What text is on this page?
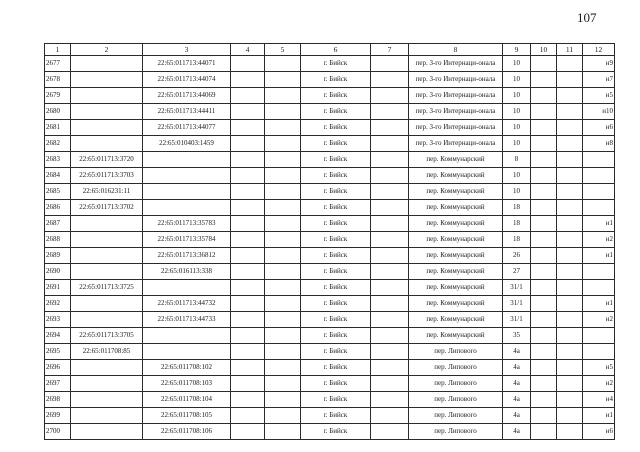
107
1	2	3	4	5	6	7	8	9	10	11	12
2677		22:65:011713:44071			г. Бийск		пер. 3-го Интернаци-онала	10			н9
2678		22:65:011713:44074			г. Бийск		пер. 3-го Интернаци-онала	10			н7
2679		22:65:011713:44069			г. Бийск		пер. 3-го Интернаци-онала	10			н5
2680		22:65:011713:44411			г. Бийск		пер. 3-го Интернаци-онала	10			н10
2681		22:65:011713:44077			г. Бийск		пер. 3-го Интернаци-онала	10			н6
2682		22:65:010403:1459			г. Бийск		пер. 3-го Интернаци-онала	10			н8
2683	22:65:011713:3720				г. Бийск		пер. Коммунарский	8			
2684	22:65:011713:3703				г. Бийск		пер. Коммунарский	10			
2685	22:65:016231:11				г. Бийск		пер. Коммунарский	10			
2686	22:65:011713:3702				г. Бийск		пер. Коммунарский	18			
2687		22:65:011713:35783			г. Бийск		пер. Коммунарский	18			н1
2688		22:65:011713:35784			г. Бийск		пер. Коммунарский	18			н2
2689		22:65:011713:36812			г. Бийск		пер. Коммунарский	26			н1
2690		22:65:016113:338			г. Бийск		пер. Коммунарский	27			
2691	22:65:011713:3725				г. Бийск		пер. Коммунарский	31/1			
2692		22:65:011713:44732			г. Бийск		пер. Коммунарский	31/1			н1
2693		22:65:011713:44733			г. Бийск		пер. Коммунарский	31/1			н2
2694	22:65:011713:3705				г. Бийск		пер. Коммунарский	35			
2695	22:65:011708:85				г. Бийск		пер. Липового	4а			
2696		22:65:011708:102			г. Бийск		пер. Липового	4а			н5
2697		22:65:011708:103			г. Бийск		пер. Липового	4а			н2
2698		22:65:011708:104			г. Бийск		пер. Липового	4а			н4
2699		22:65:011708:105			г. Бийск		пер. Липового	4а			н1
2700		22:65:011708:106			г. Бийск		пер. Липового	4а			н6
